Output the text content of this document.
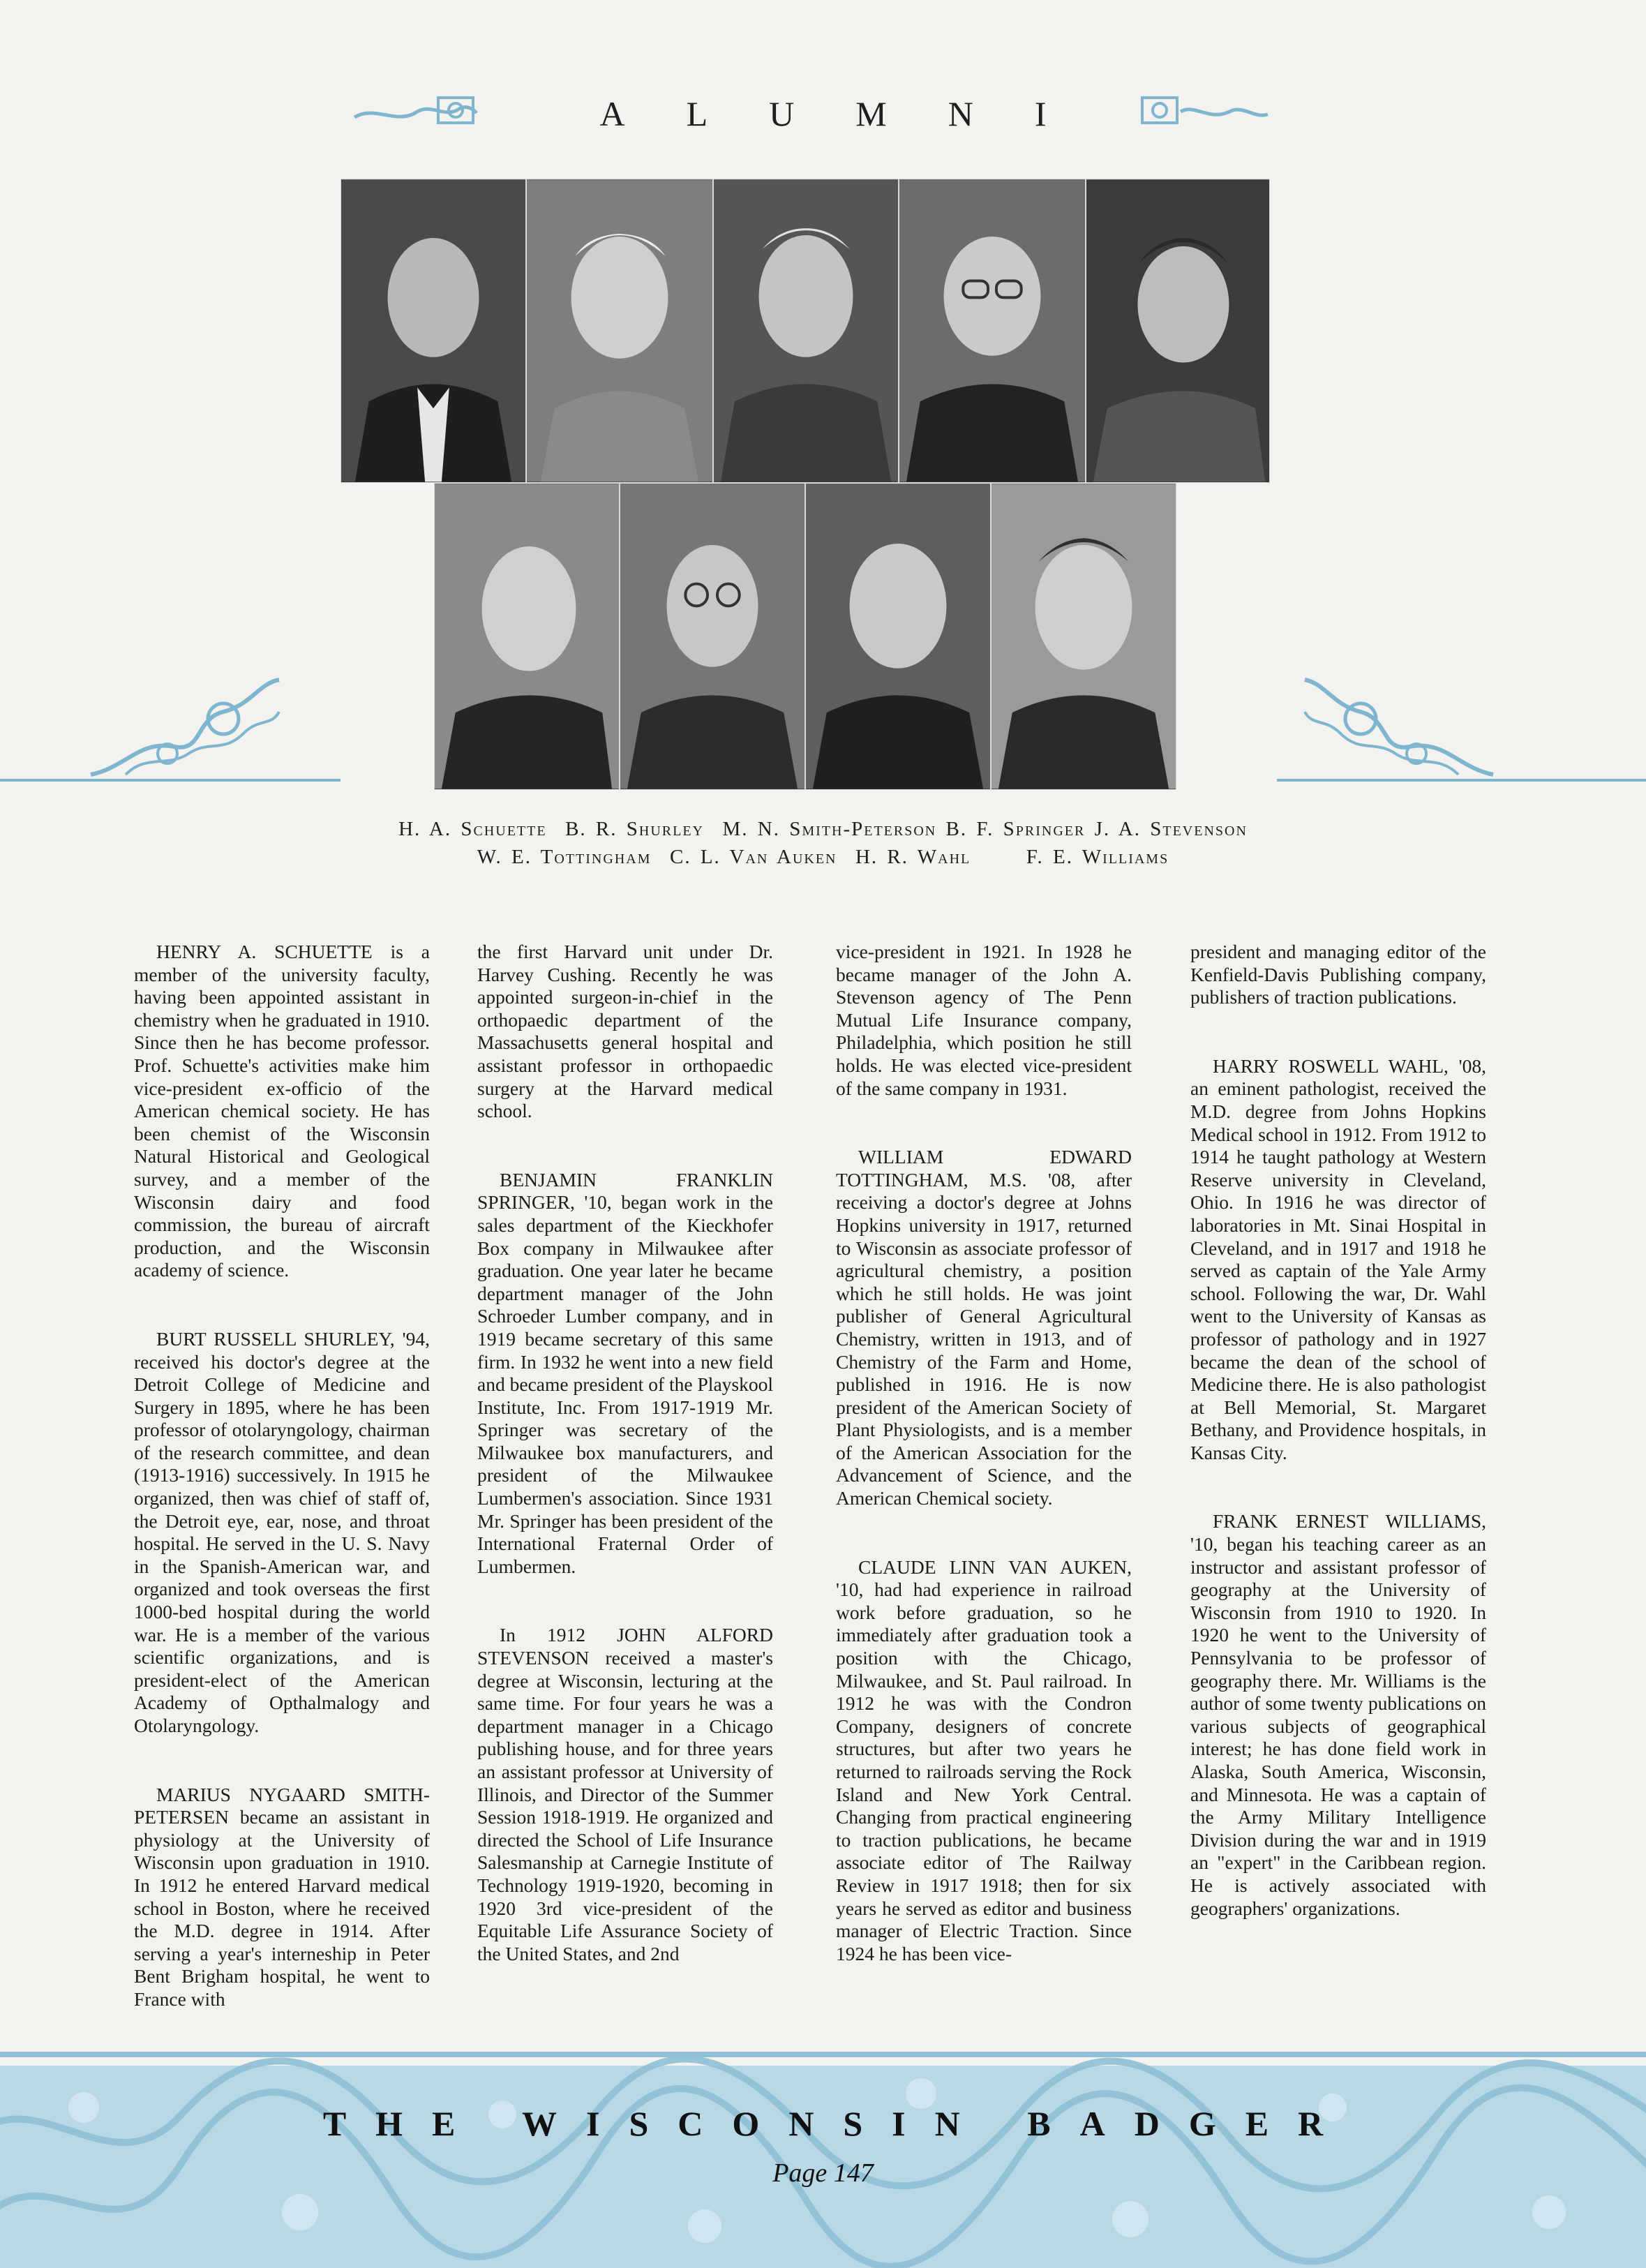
ALUMNI
H. A. Schuette  B. R. Shurley  M. N. Smith-Peterson B. F. Springer J. A. Stevenson
W. E. Tottingham  C. L. Van Auken  H. R. Wahl      F. E. Williams

HENRY A. SCHUETTE is a member of the university faculty, having been appointed assistant in chemistry when he graduated in 1910. Since then he has become professor. Prof. Schuette's activities make him vice-president ex-officio of the American chemical society. He has been chemist of the Wisconsin Natural Historical and Geological survey, and a member of the Wisconsin dairy and food commission, the bureau of aircraft production, and the Wisconsin academy of science.

BURT RUSSELL SHURLEY, '94, received his doctor's degree at the Detroit College of Medicine and Surgery in 1895, where he has been professor of otolaryngology, chairman of the research committee, and dean (1913-1916) successively. In 1915 he organized, then was chief of staff of, the Detroit eye, ear, nose, and throat hospital. He served in the U. S. Navy in the Spanish-American war, and organized and took overseas the first 1000-bed hospital during the world war. He is a member of the various scientific organizations, and is president-elect of the American Academy of Opthalmalogy and Otolaryngology.

MARIUS NYGAARD SMITH-PETERSEN became an assistant in physiology at the University of Wisconsin upon graduation in 1910. In 1912 he entered Harvard medical school in Boston, where he received the M.D. degree in 1914. After serving a year's interneship in Peter Bent Brigham hospital, he went to France with

the first Harvard unit under Dr. Harvey Cushing. Recently he was appointed surgeon-in-chief in the orthopaedic department of the Massachusetts general hospital and assistant professor in orthopaedic surgery at the Harvard medical school.

BENJAMIN FRANKLIN SPRINGER, '10, began work in the sales department of the Kieckhofer Box company in Milwaukee after graduation. One year later he became department manager of the John Schroeder Lumber company, and in 1919 became secretary of this same firm. In 1932 he went into a new field and became president of the Playskool Institute, Inc. From 1917-1919 Mr. Springer was secretary of the Milwaukee box manufacturers, and president of the Milwaukee Lumbermen's association. Since 1931 Mr. Springer has been president of the International Fraternal Order of Lumbermen.

In 1912 JOHN ALFORD STEVENSON received a master's degree at Wisconsin, lecturing at the same time. For four years he was a department manager in a Chicago publishing house, and for three years an assistant professor at University of Illinois, and Director of the Summer Session 1918-1919. He organized and directed the School of Life Insurance Salesmanship at Carnegie Institute of Technology 1919-1920, becoming in 1920 3rd vice-president of the Equitable Life Assurance Society of the United States, and 2nd

vice-president in 1921. In 1928 he became manager of the John A. Stevenson agency of The Penn Mutual Life Insurance company, Philadelphia, which position he still holds. He was elected vice-president of the same company in 1931.

WILLIAM EDWARD TOTTINGHAM, M.S. '08, after receiving a doctor's degree at Johns Hopkins university in 1917, returned to Wisconsin as associate professor of agricultural chemistry, a position which he still holds. He was joint publisher of General Agricultural Chemistry, written in 1913, and of Chemistry of the Farm and Home, published in 1916. He is now president of the American Society of Plant Physiologists, and is a member of the American Association for the Advancement of Science, and the American Chemical society.

CLAUDE LINN VAN AUKEN, '10, had had experience in railroad work before graduation, so he immediately after graduation took a position with the Chicago, Milwaukee, and St. Paul railroad. In 1912 he was with the Condron Company, designers of concrete structures, but after two years he returned to railroads serving the Rock Island and New York Central. Changing from practical engineering to traction publications, he became associate editor of The Railway Review in 1917 1918; then for six years he served as editor and business manager of Electric Traction. Since 1924 he has been vice-

president and managing editor of the Kenfield-Davis Publishing company, publishers of traction publications.

HARRY ROSWELL WAHL, '08, an eminent pathologist, received the M.D. degree from Johns Hopkins Medical school in 1912. From 1912 to 1914 he taught pathology at Western Reserve university in Cleveland, Ohio. In 1916 he was director of laboratories in Mt. Sinai Hospital in Cleveland, and in 1917 and 1918 he served as captain of the Yale Army school. Following the war, Dr. Wahl went to the University of Kansas as professor of pathology and in 1927 became the dean of the school of Medicine there. He is also pathologist at Bell Memorial, St. Margaret Bethany, and Providence hospitals, in Kansas City.

FRANK ERNEST WILLIAMS, '10, began his teaching career as an instructor and assistant professor of geography at the University of Wisconsin from 1910 to 1920. In 1920 he went to the University of Pennsylvania to be professor of geography there. Mr. Williams is the author of some twenty publications on various subjects of geographical interest; he has done field work in Alaska, South America, Wisconsin, and Minnesota. He was a captain of the Army Military Intelligence Division during the war and in 1919 an "expert" in the Caribbean region. He is actively associated with geographers' organizations.

THE WISCONSIN BADGER
Page 147
